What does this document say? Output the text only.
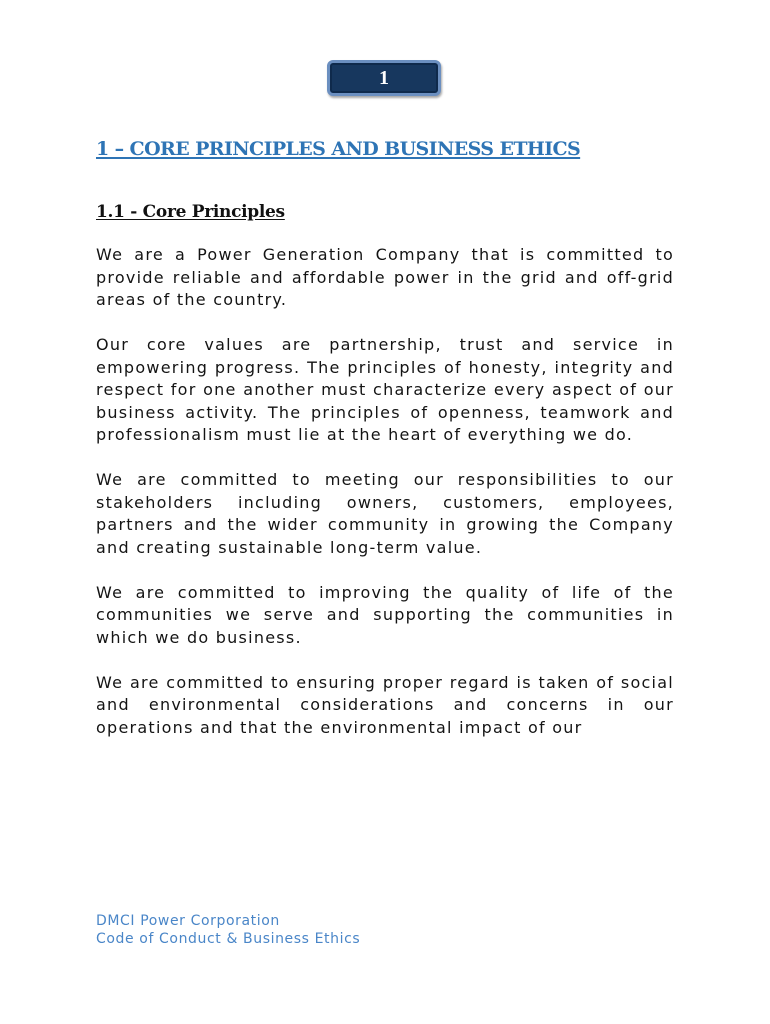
1
1 – CORE PRINCIPLES AND BUSINESS ETHICS
1.1 - Core Principles

We are a Power Generation Company that is committed to provide reliable and affordable power in the grid and off-grid areas of the country.

Our core values are partnership, trust and service in empowering progress. The principles of honesty, integrity and respect for one another must characterize every aspect of our business activity. The principles of openness, teamwork and professionalism must lie at the heart of everything we do.

We are committed to meeting our responsibilities to our stakeholders including owners, customers, employees, partners and the wider community in growing the Company and creating sustainable long-term value.

We are committed to improving the quality of life of the communities we serve and supporting the communities in which we do business.

We are committed to ensuring proper regard is taken of social and environmental considerations and concerns in our operations and that the environmental impact of our

DMCI Power Corporation
Code of Conduct & Business Ethics
